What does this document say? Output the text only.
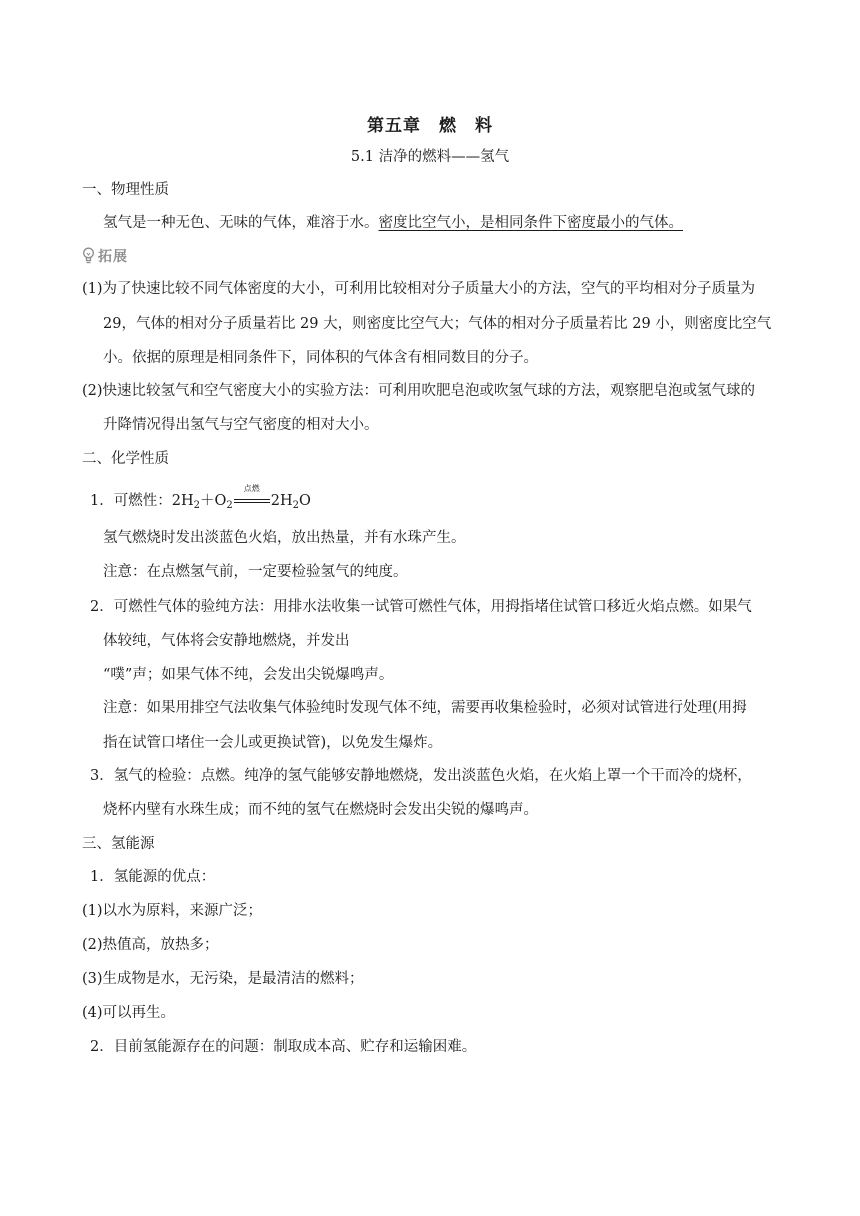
第五章　燃　料
5.1 洁净的燃料——氢气
一、物理性质
氢气是一种无色、无味的气体，难溶于水。密度比空气小，是相同条件下密度最小的气体。
拓展
(1)为了快速比较不同气体密度的大小，可利用比较相对分子质量大小的方法，空气的平均相对分子质量为
29，气体的相对分子质量若比 29 大，则密度比空气大；气体的相对分子质量若比 29 小，则密度比空气
小。依据的原理是相同条件下，同体积的气体含有相同数目的分子。
(2)快速比较氢气和空气密度大小的实验方法：可利用吹肥皂泡或吹氢气球的方法，观察肥皂泡或氢气球的
升降情况得出氢气与空气密度的相对大小。
二、化学性质
1．可燃性：$2H_2+O_2$
点燃
$2H_2O$
氢气燃烧时发出淡蓝色火焰，放出热量，并有水珠产生。
注意：在点燃氢气前，一定要检验氢气的纯度。
2．可燃性气体的验纯方法：用排水法收集一试管可燃性气体，用拇指堵住试管口移近火焰点燃。如果气
体较纯，气体将会安静地燃烧，并发出
“噗”声；如果气体不纯，会发出尖锐爆鸣声。
注意：如果用排空气法收集气体验纯时发现气体不纯，需要再收集检验时，必须对试管进行处理(用拇
指在试管口堵住一会儿或更换试管)，以免发生爆炸。
3．氢气的检验：点燃。纯净的氢气能够安静地燃烧，发出淡蓝色火焰，在火焰上罩一个干而冷的烧杯，
烧杯内壁有水珠生成；而不纯的氢气在燃烧时会发出尖锐的爆鸣声。
三、氢能源
1．氢能源的优点：
(1)以水为原料，来源广泛；
(2)热值高，放热多；
(3)生成物是水，无污染，是最清洁的燃料；
(4)可以再生。
2．目前氢能源存在的问题：制取成本高、贮存和运输困难。
